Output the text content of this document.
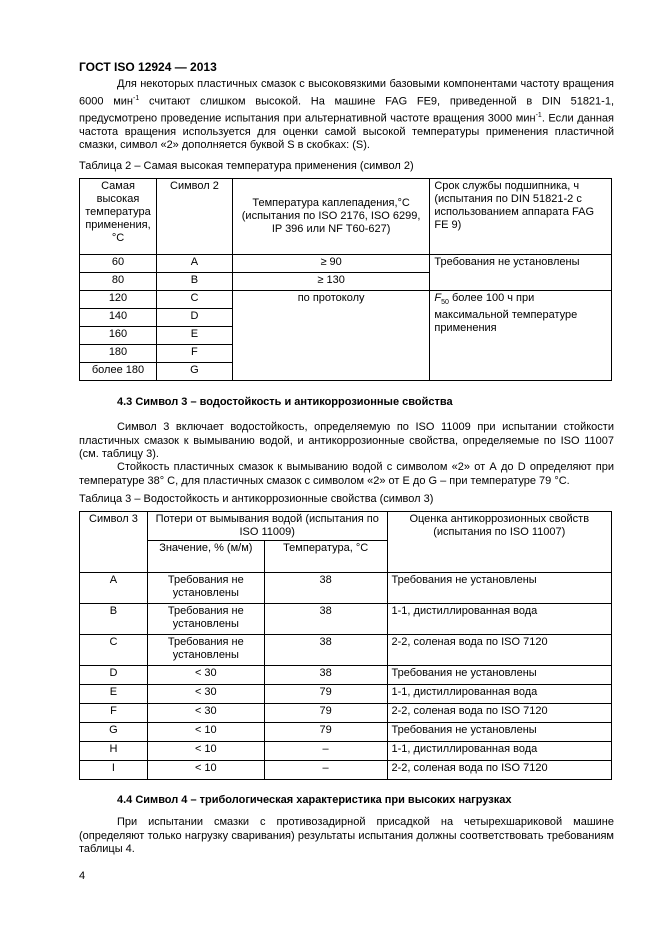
ГОСТ ISO 12924 — 2013

Для некоторых пластичных смазок с высоковязкими базовыми компонентами частоту вращения 6000 мин$^{-1}$ считают слишком высокой. На машине FAG FE9, приведенной в DIN 51821-1, предусмотрено проведение испытания при альтернативной частоте вращения 3000 мин$^{-1}$. Если данная частота вращения используется для оценки самой высокой температуры применения пластичной смазки, символ «2» дополняется буквой S в скобках: (S).

Таблица 2 – Самая высокая температура применения (символ 2)
Самая высокая температура применения, °С	Символ 2	Температура каплепадения,°С (испытания по ISO 2176, ISO 6299, IP 396 или NF T60-627)	Срок службы подшипника, ч (испытания по DIN 51821-2 с использованием аппарата FAG FE 9)
60	A	≥ 90	Требования не установлены
80	B	≥ 130	
120	C	по протоколу	$F_{50}$ более 100 ч при максимальной температуре применения
140	D		
160	E		
180	F		
более 180	G		
4.3 Символ 3 – водостойкость и антикоррозионные свойства

Символ 3 включает водостойкость, определяемую по ISO 11009 при испытании стойкости пластичных смазок к вымыванию водой, и антикоррозионные свойства, определяемые по ISO 11007 (см. таблицу 3).

Стойкость пластичных смазок к вымыванию водой с символом «2» от А до D определяют при температуре 38° С, для пластичных смазок с символом «2» от Е до G – при температуре 79 °С.

Таблица 3 – Водостойкость и антикоррозионные свойства (символ 3)
Символ 3	Потери от вымывания водой (испытания по ISO 11009)		Оценка антикоррозионных свойств (испытания по ISO 11007)
	Значение, % (м/м)	Температура, °С	
A	Требования не установлены	38	Требования не установлены
B	Требования не установлены	38	1-1, дистиллированная вода
C	Требования не установлены	38	2-2, соленая вода по ISO 7120
D	< 30	38	Требования не установлены
E	< 30	79	1-1, дистиллированная вода
F	< 30	79	2-2, соленая вода по ISO 7120
G	< 10	79	Требования не установлены
H	< 10	–	1-1, дистиллированная вода
I	< 10	–	2-2, соленая вода по ISO 7120
4.4 Символ 4 – трибологическая характеристика при высоких нагрузках

При испытании смазки с противозадирной присадкой на четырехшариковой машине (определяют только нагрузку сваривания) результаты испытания должны соответствовать требованиям таблицы 4.

4
